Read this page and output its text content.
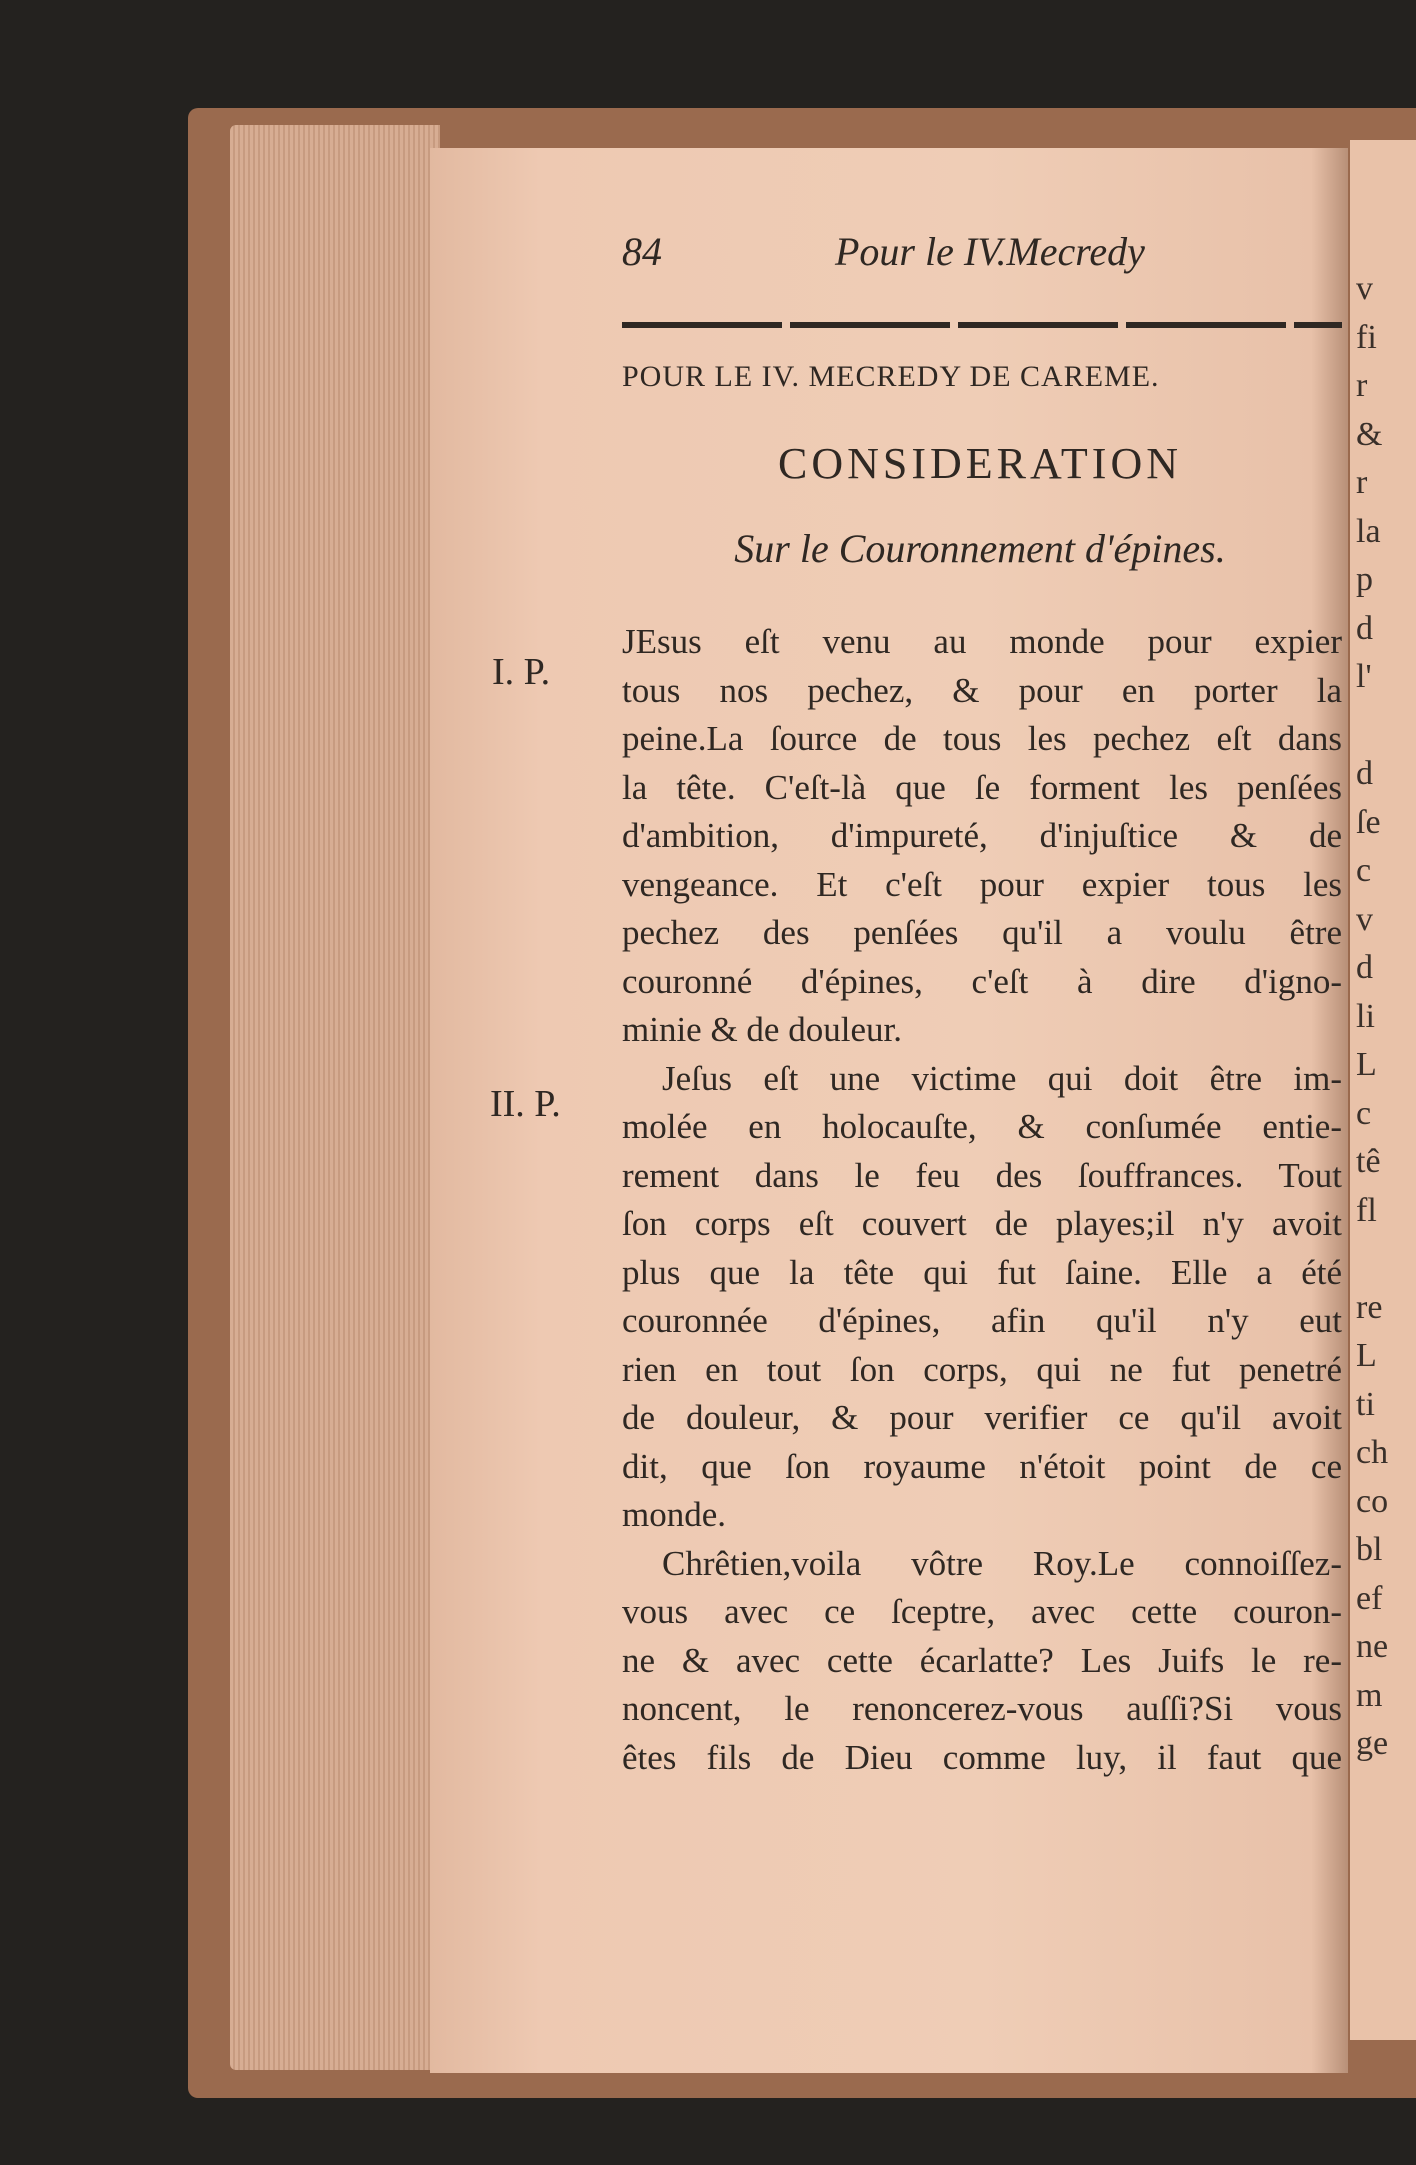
v
fi
r
&
r
la
p
d
l'
d
ſe
c
v
d
li
L
c
tê
fl
re
L
ti
ch
co
bl
ef
ne
m
ge
84	Pour le IV.Mecredy
POUR LE IV. MECREDY DE CAREME.
CONSIDERATION
Sur le Couronnement d'épines.
I. P.
II. P.
JEsus eſt venu au monde pour expier
tous nos pechez, & pour en porter la
peine.La ſource de tous les pechez eſt dans
la tête. C'eſt-là que ſe forment les penſées
d'ambition, d'impureté, d'injuſtice & de
vengeance. Et c'eſt pour expier tous les
pechez des penſées qu'il a voulu être
couronné d'épines, c'eſt à dire d'igno-
minie & de douleur.
Jeſus eſt une victime qui doit être im-
molée en holocauſte, & conſumée entie-
rement dans le feu des ſouffrances. Tout
ſon corps eſt couvert de playes;il n'y avoit
plus que la tête qui fut ſaine. Elle a été
couronnée d'épines, afin qu'il n'y eut
rien en tout ſon corps, qui ne fut penetré
de douleur, & pour verifier ce qu'il avoit
dit, que ſon royaume n'étoit point de ce
monde.
Chrêtien,voila vôtre Roy.Le connoiſſez-
vous avec ce ſceptre, avec cette couron-
ne & avec cette écarlatte? Les Juifs le re-
noncent, le renoncerez-vous auſſi?Si vous
êtes fils de Dieu comme luy, il faut que
